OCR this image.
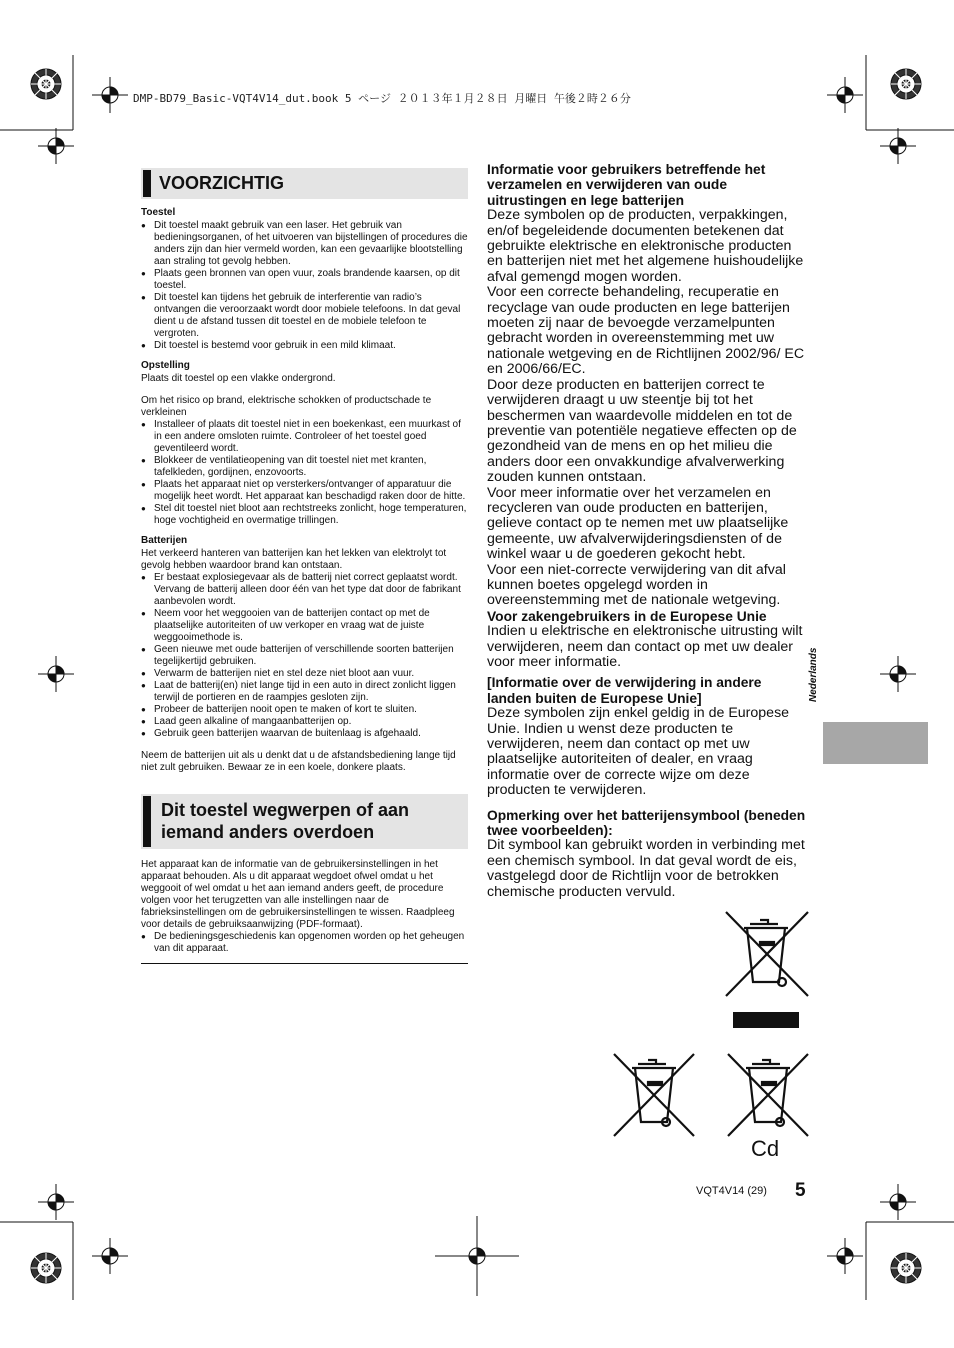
DMP-BD79_Basic-VQT4V14_dut.book 5 ページ ２０１３年１月２８日 月曜日 午後２時２６分
VOORZICHTIG
Toestel
● Dit toestel maakt gebruik van een laser. Het gebruik van bedieningsorganen, of het uitvoeren van bijstellingen of procedures die anders zijn dan hier vermeld worden, kan een gevaarlijke blootstelling aan straling tot gevolg hebben.
● Plaats geen bronnen van open vuur, zoals brandende kaarsen, op dit toestel.
● Dit toestel kan tijdens het gebruik de interferentie van radio’s ontvangen die veroorzaakt wordt door mobiele telefoons. In dat geval dient u de afstand tussen dit toestel en de mobiele telefoon te vergroten.
● Dit toestel is bestemd voor gebruik in een mild klimaat.
Opstelling

Plaats dit toestel op een vlakke ondergrond.

Om het risico op brand, elektrische schokken of productschade te verkleinen

● Installeer of plaats dit toestel niet in een boekenkast, een muurkast of in een andere omsloten ruimte. Controleer of het toestel goed geventileerd wordt.
● Blokkeer de ventilatieopening van dit toestel niet met kranten, tafelkleden, gordijnen, enzovoorts.
● Plaats het apparaat niet op versterkers/ontvanger of apparatuur die mogelijk heet wordt. Het apparaat kan beschadigd raken door de hitte.
● Stel dit toestel niet bloot aan rechtstreeks zonlicht, hoge temperaturen, hoge vochtigheid en overmatige trillingen.
Batterijen

Het verkeerd hanteren van batterijen kan het lekken van elektrolyt tot gevolg hebben waardoor brand kan ontstaan.

● Er bestaat explosiegevaar als de batterij niet correct geplaatst wordt. Vervang de batterij alleen door één van het type dat door de fabrikant aanbevolen wordt.
● Neem voor het weggooien van de batterijen contact op met de plaatselijke autoriteiten of uw verkoper en vraag wat de juiste weggooimethode is.
● Geen nieuwe met oude batterijen of verschillende soorten batterijen tegelijkertijd gebruiken.
● Verwarm de batterijen niet en stel deze niet bloot aan vuur.
● Laat de batterij(en) niet lange tijd in een auto in direct zonlicht liggen terwijl de portieren en de raampjes gesloten zijn.
● Probeer de batterijen nooit open te maken of kort te sluiten.
● Laad geen alkaline of mangaanbatterijen op.
● Gebruik geen batterijen waarvan de buitenlaag is afgehaald.

Neem de batterijen uit als u denkt dat u de afstandsbediening lange tijd niet zult gebruiken. Bewaar ze in een koele, donkere plaats.

Dit toestel wegwerpen of aan iemand anders overdoen

Het apparaat kan de informatie van de gebruikersinstellingen in het apparaat behouden. Als u dit apparaat wegdoet ofwel omdat u het weggooit of wel omdat u het aan iemand anders geeft, de procedure volgen voor het terugzetten van alle instellingen naar de fabrieksinstellingen om de gebruikersinstellingen te wissen. Raadpleeg voor details de gebruiksaanwijzing (PDF-formaat).

● De bedieningsgeschiedenis kan opgenomen worden op het geheugen van dit apparaat.

Informatie voor gebruikers betreffende het verzamelen en verwijderen van oude uitrustingen en lege batterijen

Deze symbolen op de producten, verpakkingen, en/of begeleidende documenten betekenen dat gebruikte elektrische en elektronische producten en batterijen niet met het algemene huishoudelijke afval gemengd mogen worden.

Voor een correcte behandeling, recuperatie en recyclage van oude producten en lege batterijen moeten zij naar de bevoegde verzamelpunten gebracht worden in overeenstemming met uw nationale wetgeving en de Richtlijnen 2002/96/ EC en 2006/66/EC.

Door deze producten en batterijen correct te verwijderen draagt u uw steentje bij tot het beschermen van waardevolle middelen en tot de preventie van potentiële negatieve effecten op de gezondheid van de mens en op het milieu die anders door een onvakkundige afvalverwerking zouden kunnen ontstaan.

Voor meer informatie over het verzamelen en recycleren van oude producten en batterijen, gelieve contact op te nemen met uw plaatselijke gemeente, uw afvalverwijderingsdiensten of de winkel waar u de goederen gekocht hebt.

Voor een niet-correcte verwijdering van dit afval kunnen boetes opgelegd worden in overeenstemming met de nationale wetgeving.

Voor zakengebruikers in de Europese Unie

Indien u elektrische en elektronische uitrusting wilt verwijderen, neem dan contact op met uw dealer voor meer informatie.

[Informatie over de verwijdering in andere landen buiten de Europese Unie]

Deze symbolen zijn enkel geldig in de Europese Unie. Indien u wenst deze producten te verwijderen, neem dan contact op met uw plaatselijke autoriteiten of dealer, en vraag informatie over de correcte wijze om deze producten te verwijderen.

Opmerking over het batterijensymbool (beneden twee voorbeelden):

Dit symbool kan gebruikt worden in verbinding met een chemisch symbool. In dat geval wordt de eis, vastgelegd door de Richtlijn voor de betrokken chemische producten vervuld.

Cd
Nederlands
VQT4V14 (29) 5
